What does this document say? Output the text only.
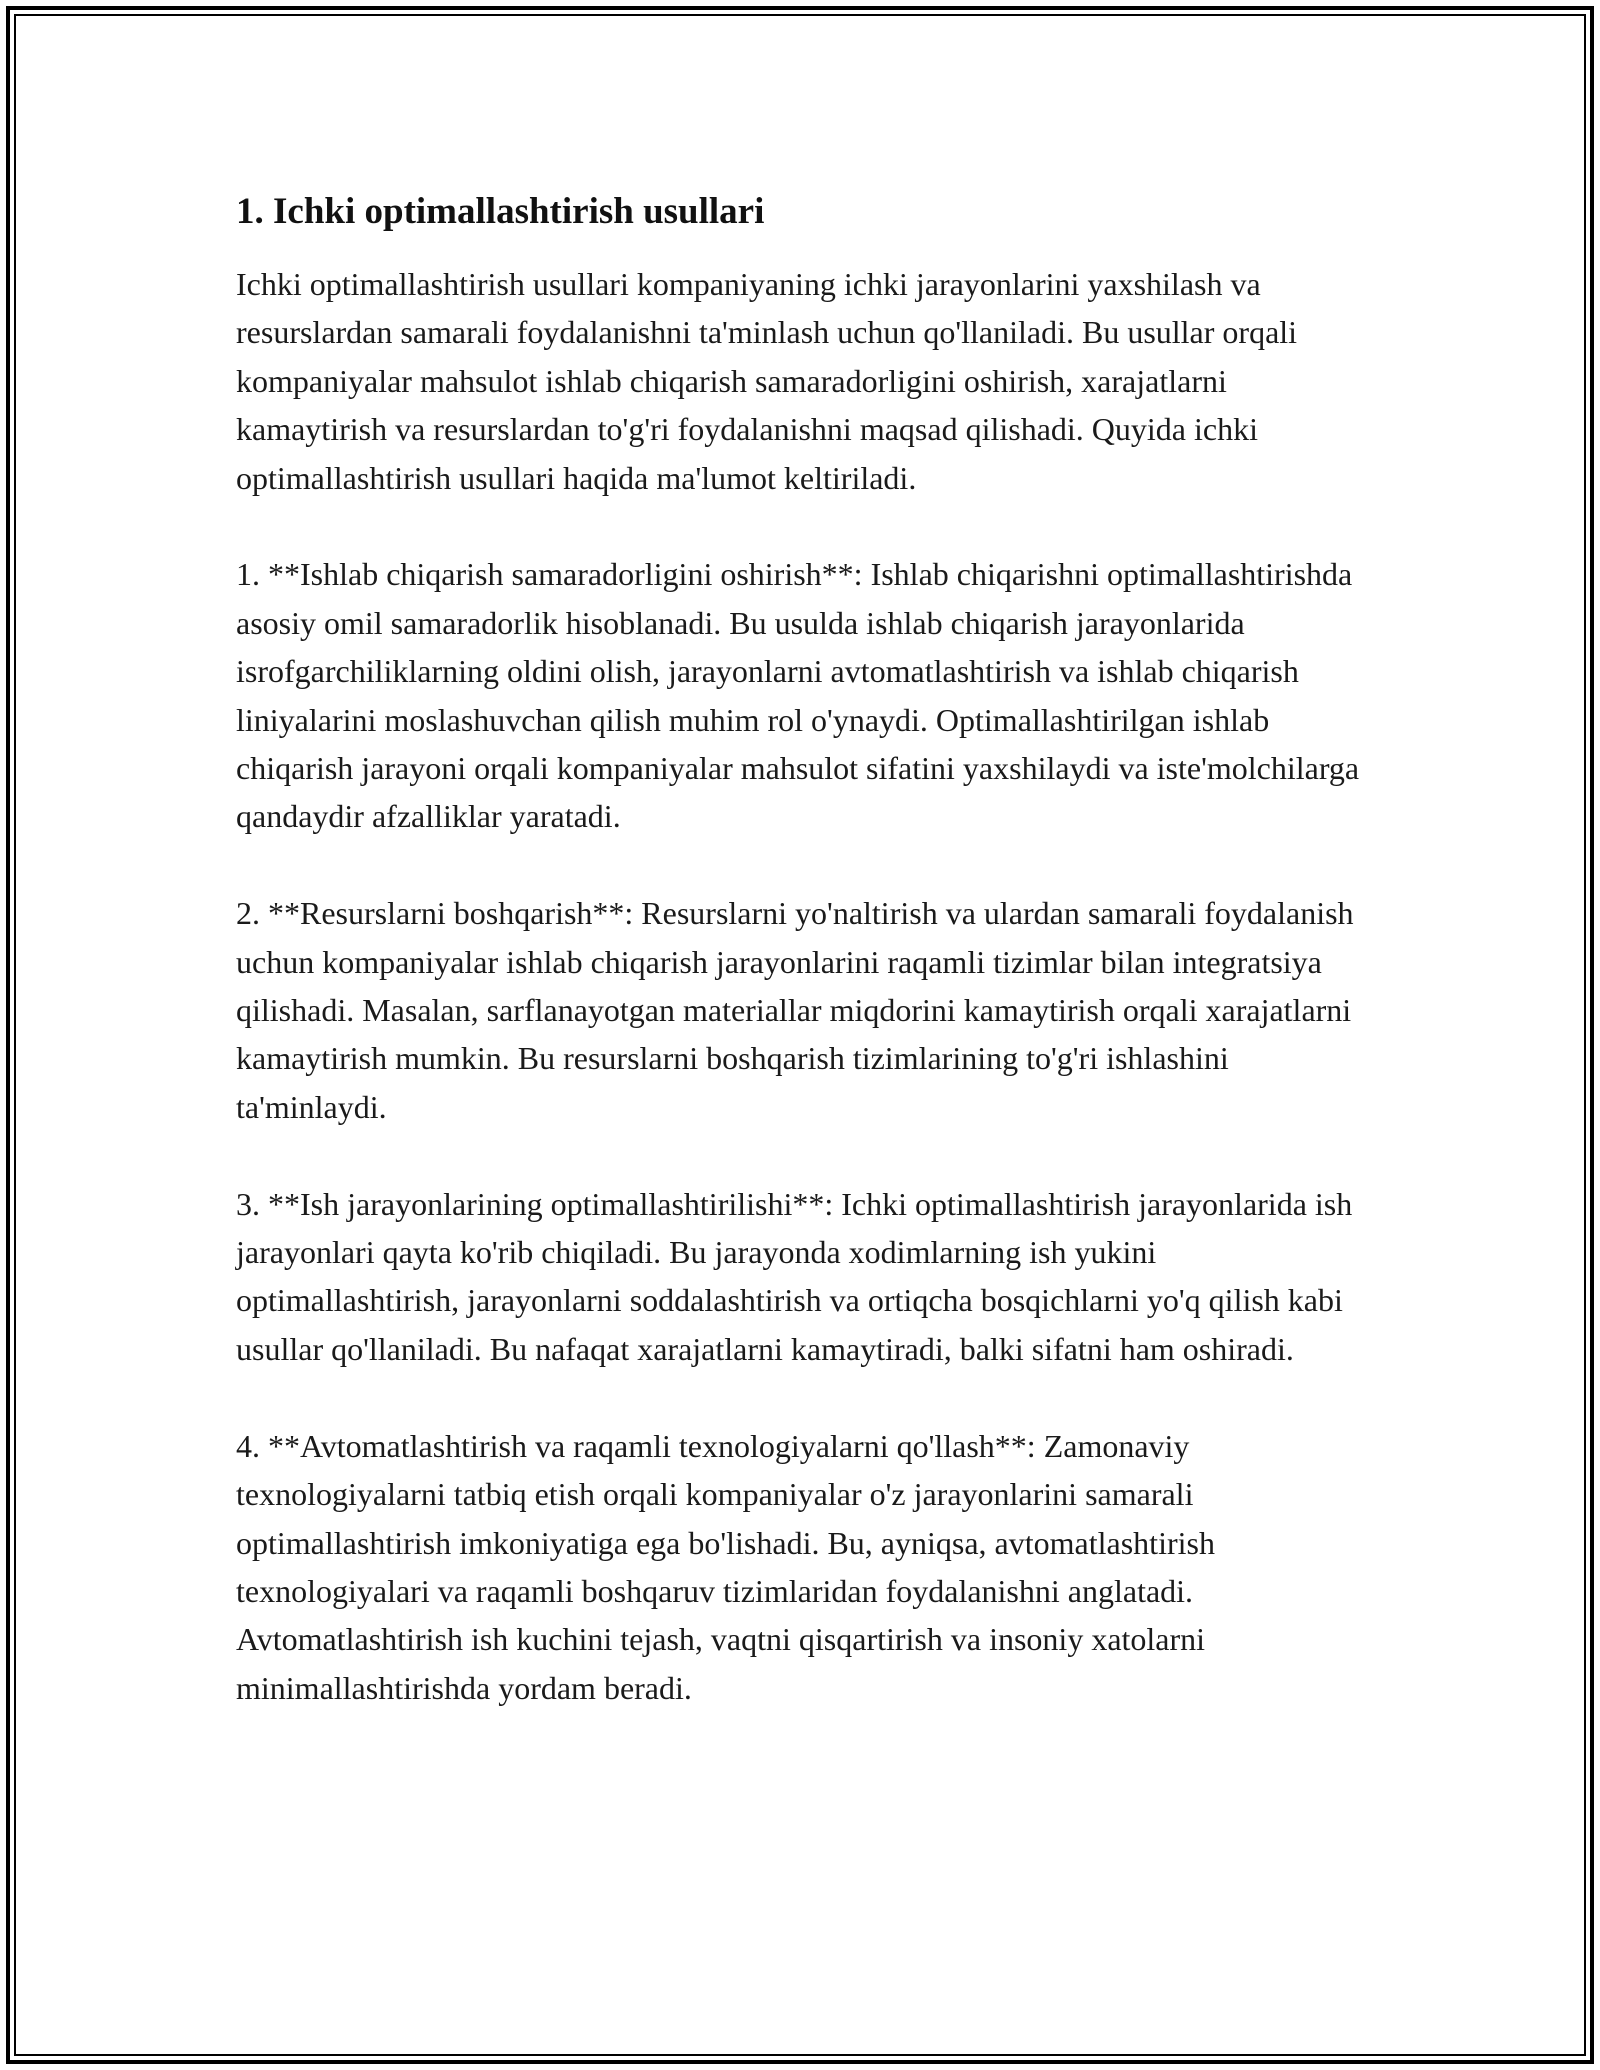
1. Ichki optimallashtirish usullari

Ichki optimallashtirish usullari kompaniyaning ichki jarayonlarini yaxshilash va resurslardan samarali foydalanishni ta'minlash uchun qo'llaniladi. Bu usullar orqali kompaniyalar mahsulot ishlab chiqarish samaradorligini oshirish, xarajatlarni kamaytirish va resurslardan to'g'ri foydalanishni maqsad qilishadi. Quyida ichki optimallashtirish usullari haqida ma'lumot keltiriladi.

1. **Ishlab chiqarish samaradorligini oshirish**: Ishlab chiqarishni optimallashtirishda asosiy omil samaradorlik hisoblanadi. Bu usulda ishlab chiqarish jarayonlarida isrofgarchiliklarning oldini olish, jarayonlarni avtomatlashtirish va ishlab chiqarish liniyalarini moslashuvchan qilish muhim rol o'ynaydi. Optimallashtirilgan ishlab chiqarish jarayoni orqali kompaniyalar mahsulot sifatini yaxshilaydi va iste'molchilarga qandaydir afzalliklar yaratadi.

2. **Resurslarni boshqarish**: Resurslarni yo'naltirish va ulardan samarali foydalanish uchun kompaniyalar ishlab chiqarish jarayonlarini raqamli tizimlar bilan integratsiya qilishadi. Masalan, sarflanayotgan materiallar miqdorini kamaytirish orqali xarajatlarni kamaytirish mumkin. Bu resurslarni boshqarish tizimlarining to'g'ri ishlashini ta'minlaydi.

3. **Ish jarayonlarining optimallashtirilishi**: Ichki optimallashtirish jarayonlarida ish jarayonlari qayta ko'rib chiqiladi. Bu jarayonda xodimlarning ish yukini optimallashtirish, jarayonlarni soddalashtirish va ortiqcha bosqichlarni yo'q qilish kabi usullar qo'llaniladi. Bu nafaqat xarajatlarni kamaytiradi, balki sifatni ham oshiradi.

4. **Avtomatlashtirish va raqamli texnologiyalarni qo'llash**: Zamonaviy texnologiyalarni tatbiq etish orqali kompaniyalar o'z jarayonlarini samarali optimallashtirish imkoniyatiga ega bo'lishadi. Bu, ayniqsa, avtomatlashtirish texnologiyalari va raqamli boshqaruv tizimlaridan foydalanishni anglatadi. Avtomatlashtirish ish kuchini tejash, vaqtni qisqartirish va insoniy xatolarni minimallashtirishda yordam beradi.
